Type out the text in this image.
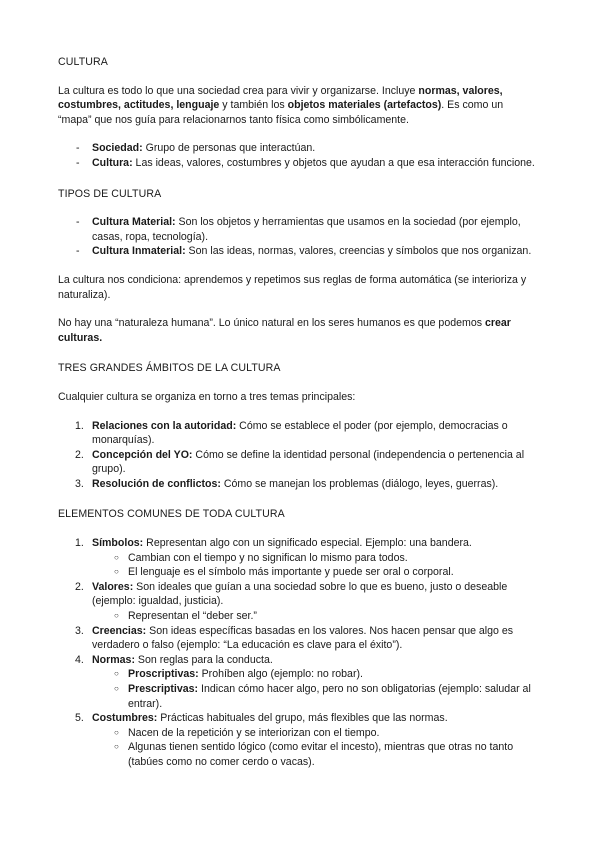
CULTURA

La cultura es todo lo que una sociedad crea para vivir y organizarse. Incluye normas, valores, costumbres, actitudes, lenguaje y también los objetos materiales (artefactos). Es como un “mapa” que nos guía para relacionarnos tanto física como simbólicamente.

- Sociedad: Grupo de personas que interactúan.
- Cultura: Las ideas, valores, costumbres y objetos que ayudan a que esa interacción funcione.

TIPOS DE CULTURA

- Cultura Material: Son los objetos y herramientas que usamos en la sociedad (por ejemplo, casas, ropa, tecnología).
- Cultura Inmaterial: Son las ideas, normas, valores, creencias y símbolos que nos organizan.

La cultura nos condiciona: aprendemos y repetimos sus reglas de forma automática (se interioriza y naturaliza).

No hay una “naturaleza humana”. Lo único natural en los seres humanos es que podemos crear culturas.

TRES GRANDES ÁMBITOS DE LA CULTURA

Cualquier cultura se organiza en torno a tres temas principales:

1. Relaciones con la autoridad: Cómo se establece el poder (por ejemplo, democracias o monarquías).
2. Concepción del YO: Cómo se define la identidad personal (independencia o pertenencia al grupo).
3. Resolución de conflictos: Cómo se manejan los problemas (diálogo, leyes, guerras).

ELEMENTOS COMUNES DE TODA CULTURA

1. Símbolos: Representan algo con un significado especial. Ejemplo: una bandera.
○ Cambian con el tiempo y no significan lo mismo para todos.
○ El lenguaje es el símbolo más importante y puede ser oral o corporal.
2. Valores: Son ideales que guían a una sociedad sobre lo que es bueno, justo o deseable (ejemplo: igualdad, justicia).
○ Representan el “deber ser.”
3. Creencias: Son ideas específicas basadas en los valores. Nos hacen pensar que algo es verdadero o falso (ejemplo: “La educación es clave para el éxito”).
4. Normas: Son reglas para la conducta.
○ Proscriptivas: Prohíben algo (ejemplo: no robar).
○ Prescriptivas: Indican cómo hacer algo, pero no son obligatorias (ejemplo: saludar al entrar).
5. Costumbres: Prácticas habituales del grupo, más flexibles que las normas.
○ Nacen de la repetición y se interiorizan con el tiempo.
○ Algunas tienen sentido lógico (como evitar el incesto), mientras que otras no tanto (tabúes como no comer cerdo o vacas).
